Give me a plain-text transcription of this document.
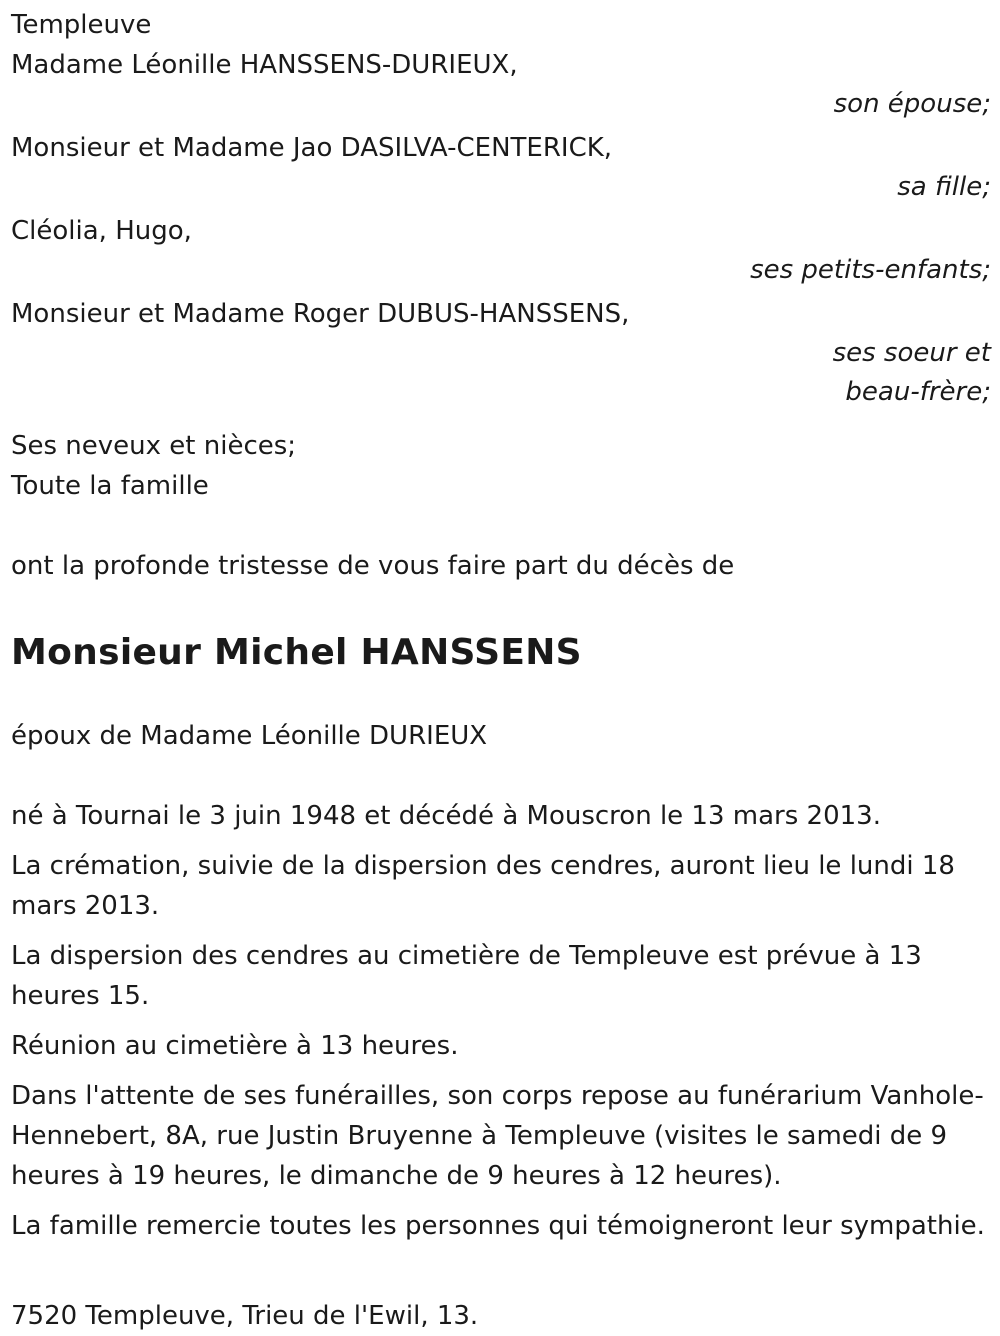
Templeuve
Madame Léonille HANSSENS-DURIEUX,
son épouse;
Monsieur et Madame Jao DASILVA-CENTERICK,
sa fille;
Cléolia, Hugo,
ses petits-enfants;
Monsieur et Madame Roger DUBUS-HANSSENS,
ses soeur et
beau-frère;
Ses neveux et nièces;
Toute la famille
ont la profonde tristesse de vous faire part du décès de
Monsieur Michel HANSSENS
époux de Madame Léonille DURIEUX
né à Tournai le 3 juin 1948 et décédé à Mouscron le 13 mars 2013.
La crémation, suivie de la dispersion des cendres, auront lieu le lundi 18 mars 2013.
La dispersion des cendres au cimetière de Templeuve est prévue à 13 heures 15.
Réunion au cimetière à 13 heures.
Dans l'attente de ses funérailles, son corps repose au funérarium Vanhole-Hennebert, 8A, rue Justin Bruyenne à Templeuve (visites le samedi de 9 heures à 19 heures, le dimanche de 9 heures à 12 heures).
La famille remercie toutes les personnes qui témoigneront leur sympathie.
7520 Templeuve, Trieu de l'Ewil, 13.
